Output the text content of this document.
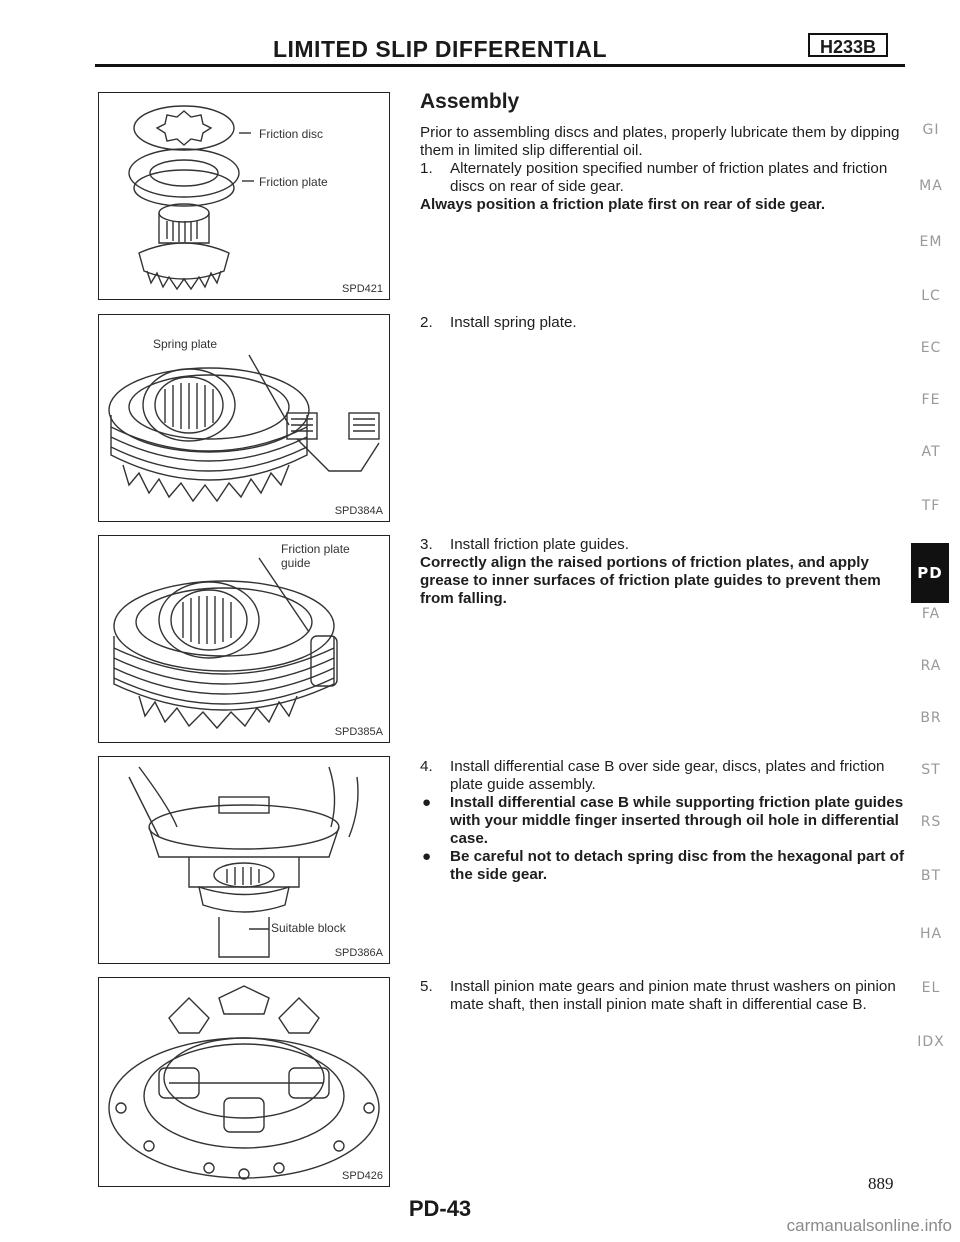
LIMITED SLIP DIFFERENTIAL	H233B
Friction disc
Friction plate
SPD421
Spring plate
SPD384A
Friction plate
guide
SPD385A
Suitable block
SPD386A
SPD426
Assembly
Prior to assembling discs and plates, properly lubricate them by dipping them in limited slip differential oil.
1. Alternately position specified number of friction plates and friction discs on rear of side gear.
Always position a friction plate first on rear of side gear.
2. Install spring plate.
3. Install friction plate guides.
Correctly align the raised portions of friction plates, and apply grease to inner surfaces of friction plate guides to prevent them from falling.
4. Install differential case B over side gear, discs, plates and friction plate guide assembly.
● Install differential case B while supporting friction plate guides with your middle finger inserted through oil hole in differential case.
● Be careful not to detach spring disc from the hexagonal part of the side gear.
5. Install pinion mate gears and pinion mate thrust washers on pinion mate shaft, then install pinion mate shaft in differential case B.
GI
MA
EM
LC
EC
FE
AT
TF
PD
FA
RA
BR
ST
RS
BT
HA
EL
IDX
889
PD-43
carmanualsonline.info
